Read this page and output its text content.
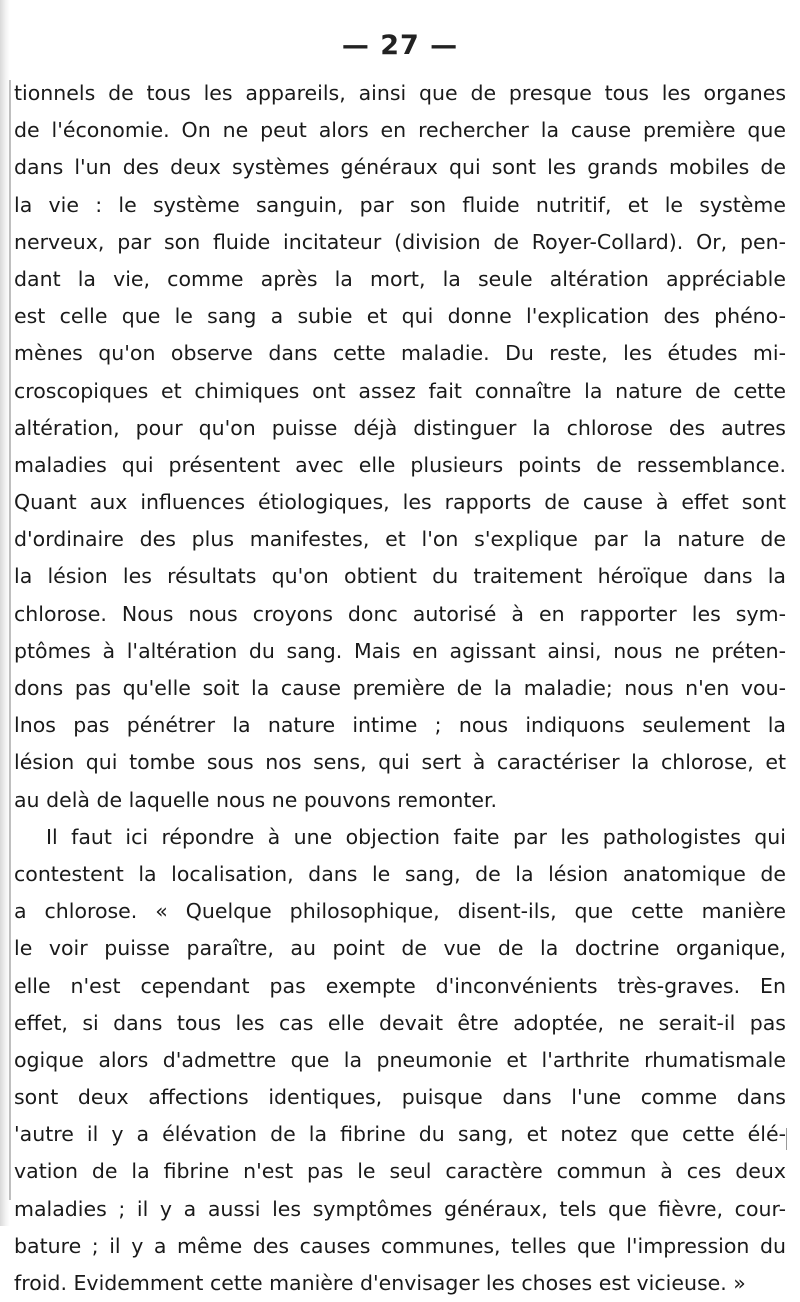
— 27 —
tionnels de tous les appareils, ainsi que de presque tous les organes
de l'économie. On ne peut alors en rechercher la cause première que
dans l'un des deux systèmes généraux qui sont les grands mobiles de
la vie : le système sanguin, par son fluide nutritif, et le système
nerveux, par son fluide incitateur (division de Royer-Collard). Or, pen-
dant la vie, comme après la mort, la seule altération appréciable
est celle que le sang a subie et qui donne l'explication des phéno-
mènes qu'on observe dans cette maladie. Du reste, les études mi-
croscopiques et chimiques ont assez fait connaître la nature de cette
altération, pour qu'on puisse déjà distinguer la chlorose des autres
maladies qui présentent avec elle plusieurs points de ressemblance.
Quant aux influences étiologiques, les rapports de cause à effet sont
d'ordinaire des plus manifestes, et l'on s'explique par la nature de
la lésion les résultats qu'on obtient du traitement héroïque dans la
chlorose. Nous nous croyons donc autorisé à en rapporter les sym-
ptômes à l'altération du sang. Mais en agissant ainsi, nous ne préten-
dons pas qu'elle soit la cause première de la maladie; nous n'en vou-
lnos pas pénétrer la nature intime ; nous indiquons seulement la
lésion qui tombe sous nos sens, qui sert à caractériser la chlorose, et
au delà de laquelle nous ne pouvons remonter.
Il faut ici répondre à une objection faite par les pathologistes qui
contestent la localisation, dans le sang, de la lésion anatomique de
a chlorose. « Quelque philosophique, disent-ils, que cette manière
le voir puisse paraître, au point de vue de la doctrine organique,
elle n'est cependant pas exempte d'inconvénients très-graves. En
effet, si dans tous les cas elle devait être adoptée, ne serait-il pas
ogique alors d'admettre que la pneumonie et l'arthrite rhumatismale
sont deux affections identiques, puisque dans l'une comme dans
'autre il y a élévation de la fibrine du sang, et notez que cette élé-
vation de la fibrine n'est pas le seul caractère commun à ces deux
maladies ; il y a aussi les symptômes généraux, tels que fièvre, cour-
bature ; il y a même des causes communes, telles que l'impression du
froid. Evidemment cette manière d'envisager les choses est vicieuse. »
